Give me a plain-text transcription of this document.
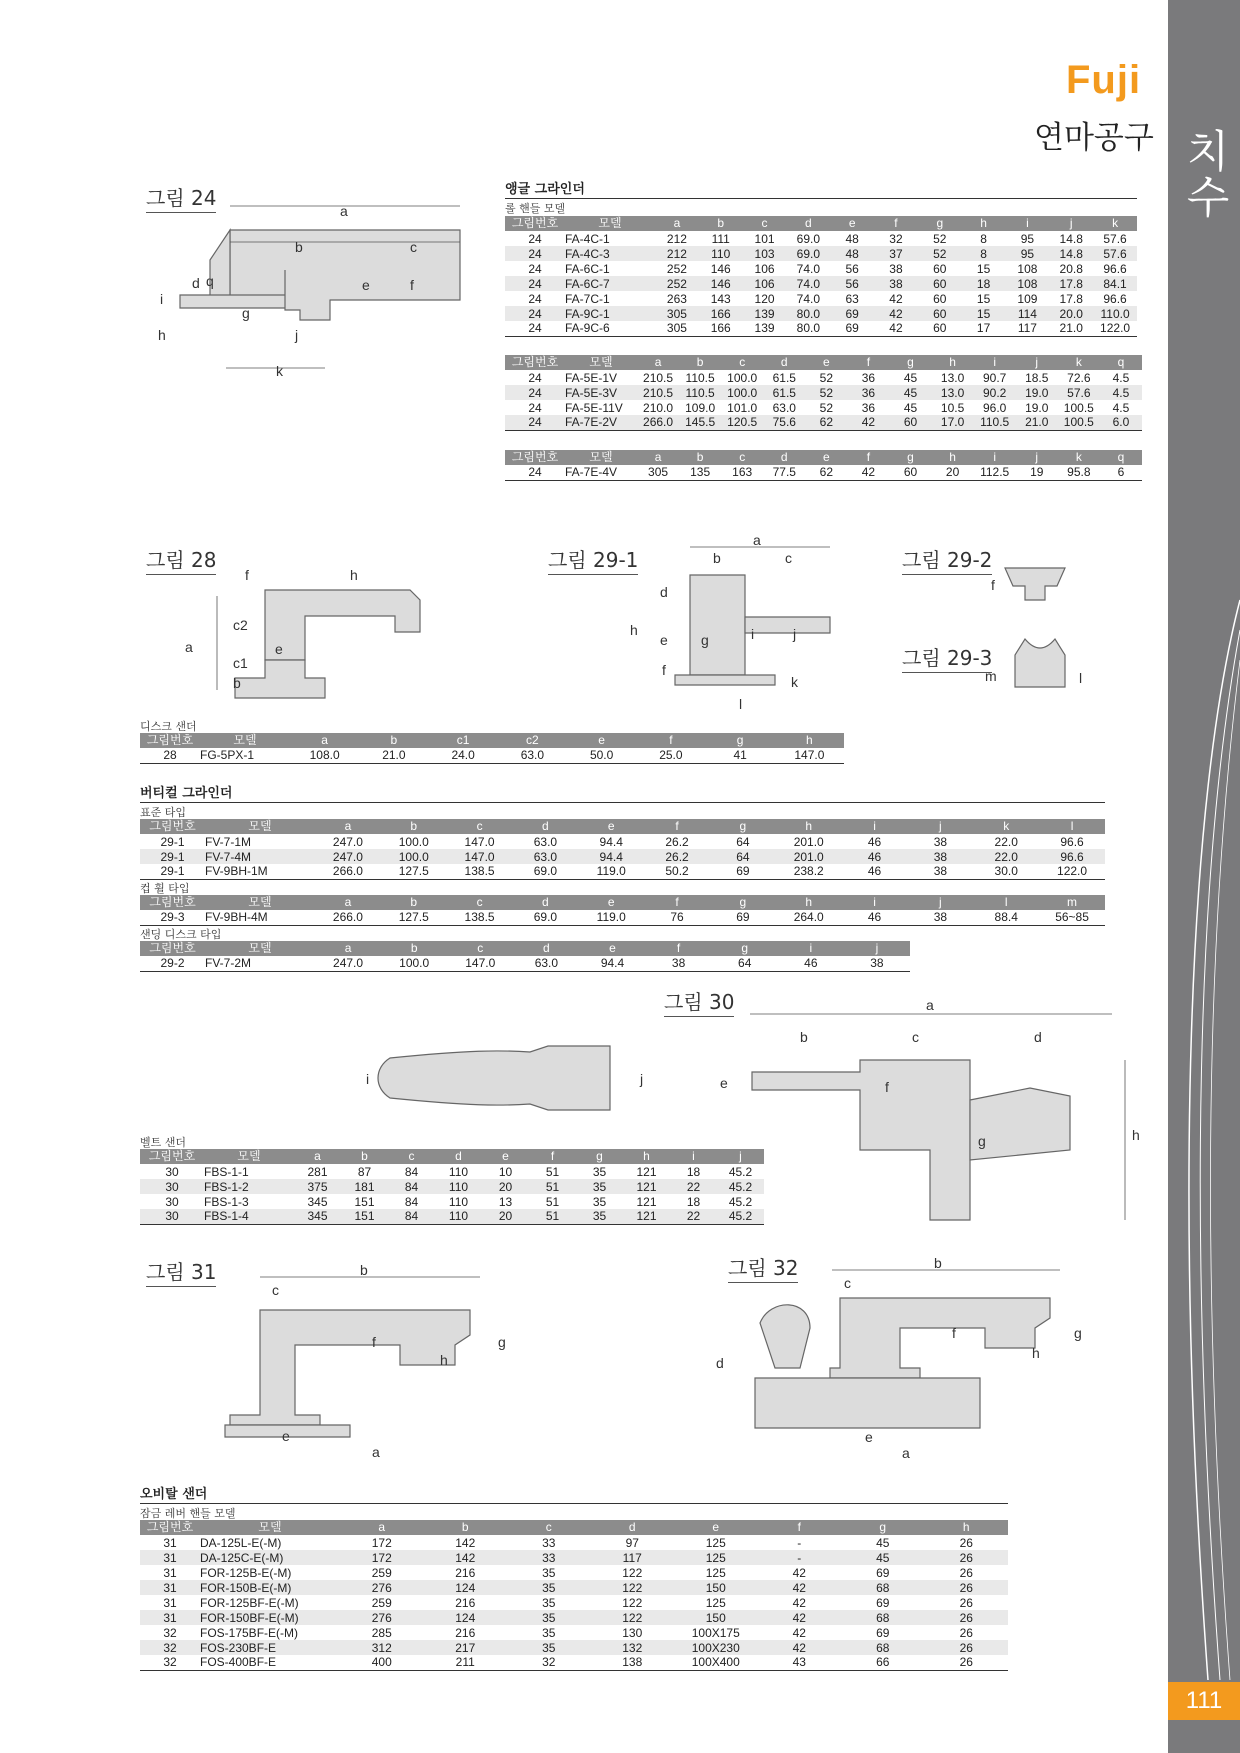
치수
111
Fuji
연마공구
그림 24
a
b	c
e	f
i
d q
g
h	j
k
앵글 그라인더
롤 핸들 모델
그림번호	모델	a	b	c	d	e	f	g	h	i	j	k
24	FA-4C-1	212	111	101	69.0	48	32	52	8	95	14.8	57.6
24	FA-4C-3	212	110	103	69.0	48	37	52	8	95	14.8	57.6
24	FA-6C-1	252	146	106	74.0	56	38	60	15	108	20.8	96.6
24	FA-6C-7	252	146	106	74.0	56	38	60	18	108	17.8	84.1
24	FA-7C-1	263	143	120	74.0	63	42	60	15	109	17.8	96.6
24	FA-9C-1	305	166	139	80.0	69	42	60	15	114	20.0	110.0
24	FA-9C-6	305	166	139	80.0	69	42	60	17	117	21.0	122.0
그림번호	모델	a	b	c	d	e	f	g	h	i	j	k	q
24	FA-5E-1V	210.5	110.5	100.0	61.5	52	36	45	13.0	90.7	18.5	72.6	4.5
24	FA-5E-3V	210.5	110.5	100.0	61.5	52	36	45	13.0	90.2	19.0	57.6	4.5
24	FA-5E-11V	210.0	109.0	101.0	63.0	52	36	45	10.5	96.0	19.0	100.5	4.5
24	FA-7E-2V	266.0	145.5	120.5	75.6	62	42	60	17.0	110.5	21.0	100.5	6.0
그림번호	모델	a	b	c	d	e	f	g	h	i	j	k	q
24	FA-7E-4V	305	135	163	77.5	62	42	60	20	112.5	19	95.8	6
그림 28
f	h
c2
e
a
c1
b
그림 29-1
a
b	c
d
h
e g	i	j
f
k
l
그림 29-2
f
그림 29-3
m	l
디스크 샌더
그림번호	모델	a	b	c1	c2	e	f	g	h
28	FG-5PX-1	108.0	21.0	24.0	63.0	50.0	25.0	41	147.0
버티컬 그라인더
표준 타입
그림번호	모델	a	b	c	d	e	f	g	h	i	j	k	l
29-1	FV-7-1M	247.0	100.0	147.0	63.0	94.4	26.2	64	201.0	46	38	22.0	96.6
29-1	FV-7-4M	247.0	100.0	147.0	63.0	94.4	26.2	64	201.0	46	38	22.0	96.6
29-1	FV-9BH-1M	266.0	127.5	138.5	69.0	119.0	50.2	69	238.2	46	38	30.0	122.0
컵 휠 타입
그림번호	모델	a	b	c	d	e	f	g	h	i	j	l	m
29-3	FV-9BH-4M	266.0	127.5	138.5	69.0	119.0	76	69	264.0	46	38	88.4	56~85
샌딩 디스크 타입
그림번호	모델	a	b	c	d	e	f	g	i	j
29-2	FV-7-2M	247.0	100.0	147.0	63.0	94.4	38	64	46	38
그림 30
i	j
a
b	c	d
e	f
g	h
벨트 샌더
그림번호	모델	a	b	c	d	e	f	g	h	i	j
30	FBS-1-1	281	87	84	110	10	51	35	121	18	45.2
30	FBS-1-2	375	181	84	110	20	51	35	121	22	45.2
30	FBS-1-3	345	151	84	110	13	51	35	121	18	45.2
30	FBS-1-4	345	151	84	110	20	51	35	121	22	45.2
그림 31	b
c
f
h
g
e
a
그림 32	b
c
d
f
h
g
e
a
오비탈 샌더
잠금 레버 핸들 모델
그림번호	모델	a	b	c	d	e	f	g	h
31	DA-125L-E(-M)	172	142	33	97	125	-	45	26
31	DA-125C-E(-M)	172	142	33	117	125	-	45	26
31	FOR-125B-E(-M)	259	216	35	122	125	42	69	26
31	FOR-150B-E(-M)	276	124	35	122	150	42	68	26
31	FOR-125BF-E(-M)	259	216	35	122	125	42	69	26
31	FOR-150BF-E(-M)	276	124	35	122	150	42	68	26
32	FOS-175BF-E(-M)	285	216	35	130	100X175	42	69	26
32	FOS-230BF-E	312	217	35	132	100X230	42	68	26
32	FOS-400BF-E	400	211	32	138	100X400	43	66	26
